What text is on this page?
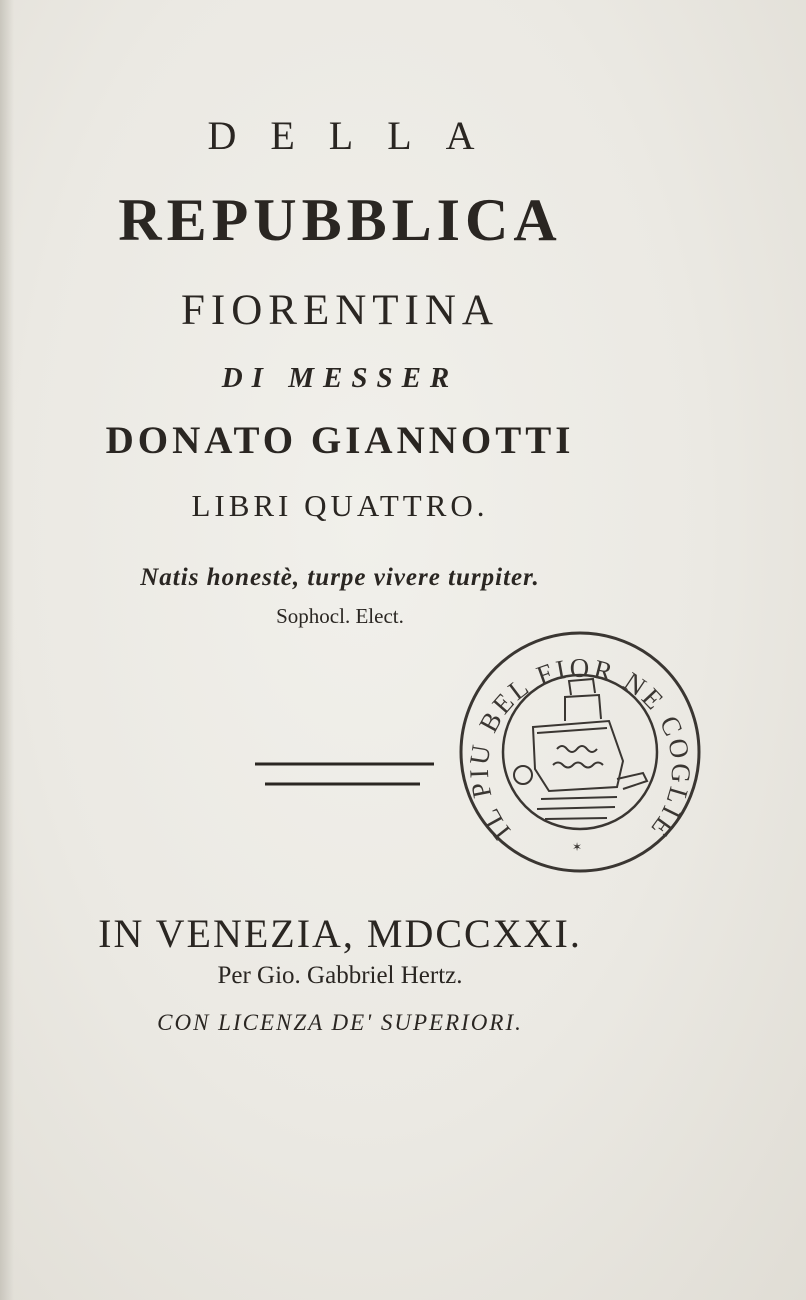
DELLA
REPUBBLICA
FIORENTINA
DI MESSER
DONATO GIANNOTTI
LIBRI QUATTRO.
Natis honestè, turpe vivere turpiter.
Sophocl. Elect.
IL PIU BEL FIOR NE COGLIE
✶
IN VENEZIA, MDCCXXI.
Per Gio. Gabbriel Hertz.
CON LICENZA DE' SUPERIORI.
